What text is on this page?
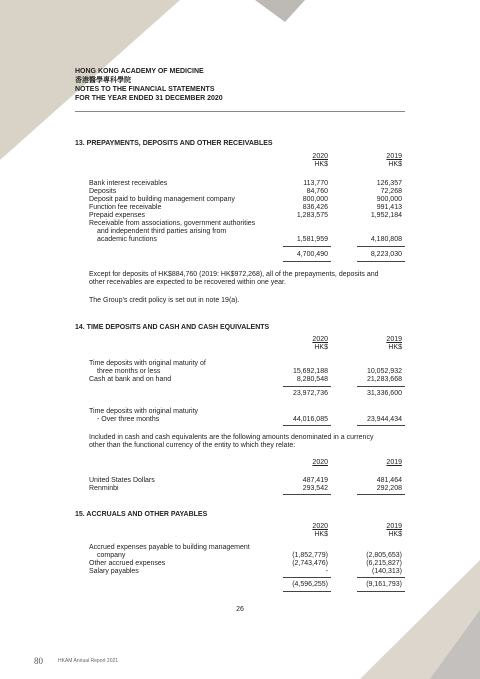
HONG KONG ACADEMY OF MEDICINE
香港醫學專科學院
NOTES TO THE FINANCIAL STATEMENTS
FOR THE YEAR ENDED 31 DECEMBER 2020
13. PREPAYMENTS, DEPOSITS AND OTHER RECEIVABLES
2020	2019
HK$	HK$
Bank interest receivables	113,770	126,357
Deposits	84,760	72,268
Deposit paid to building management company	800,000	900,000
Function fee receivable	836,426	991,413
Prepaid expenses	1,283,575	1,952,184
Receivable from associations, government authorities
and independent third parties arising from
academic functions	1,581,959	4,180,808
4,700,490	8,223,030
Except for deposits of HK$884,760 (2019: HK$972,268), all of the prepayments, deposits and
other receivables are expected to be recovered within one year.
The Group’s credit policy is set out in note 19(a).
14. TIME DEPOSITS AND CASH AND CASH EQUIVALENTS
2020	2019
HK$	HK$
Time deposits with original maturity of
three months or less	15,692,188	10,052,932
Cash at bank and on hand	8,280,548	21,283,668
23,972,736	31,336,600
Time deposits with original maturity
- Over three months	44,016,085	23,944,434
Included in cash and cash equivalents are the following amounts denominated in a currency
other than the functional currency of the entity to which they relate:
2020	2019
United States Dollars	487,419	481,464
Renminbi	293,542	292,208
15. ACCRUALS AND OTHER PAYABLES
2020	2019
HK$	HK$
Accrued expenses payable to building management
company	(1,852,779)	(2,805,653)
Other accrued expenses	(2,743,476)	(6,215,827)
Salary payables	-	(140,313)
(4,596,255)	(9,161,793)
26
80	HKAM Annual Report 2021
